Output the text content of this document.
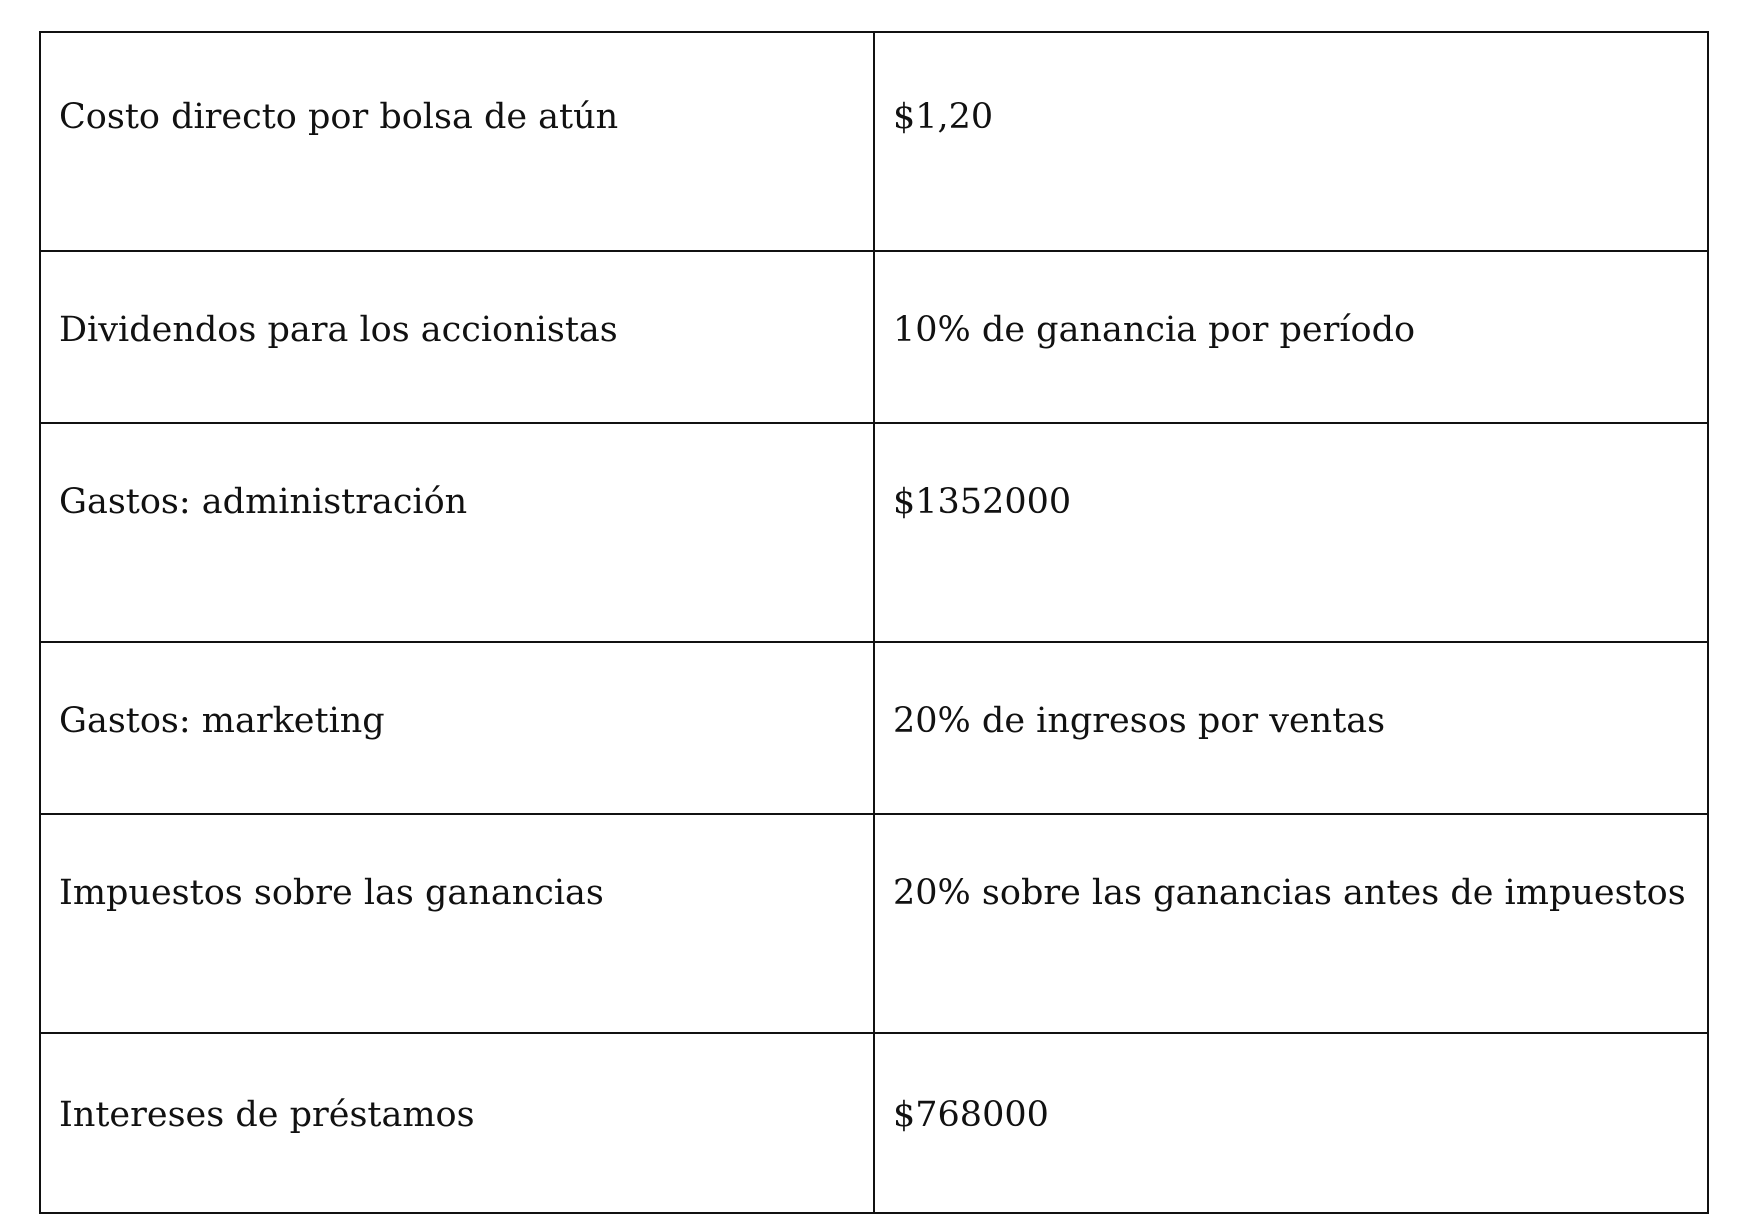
Costo directo por bolsa de atún	$1,20
Dividendos para los accionistas	10% de ganancia por período
Gastos: administración	$1352000
Gastos: marketing	20% de ingresos por ventas
Impuestos sobre las ganancias	20% sobre las ganancias antes de impuestos
Intereses de préstamos	$768000
